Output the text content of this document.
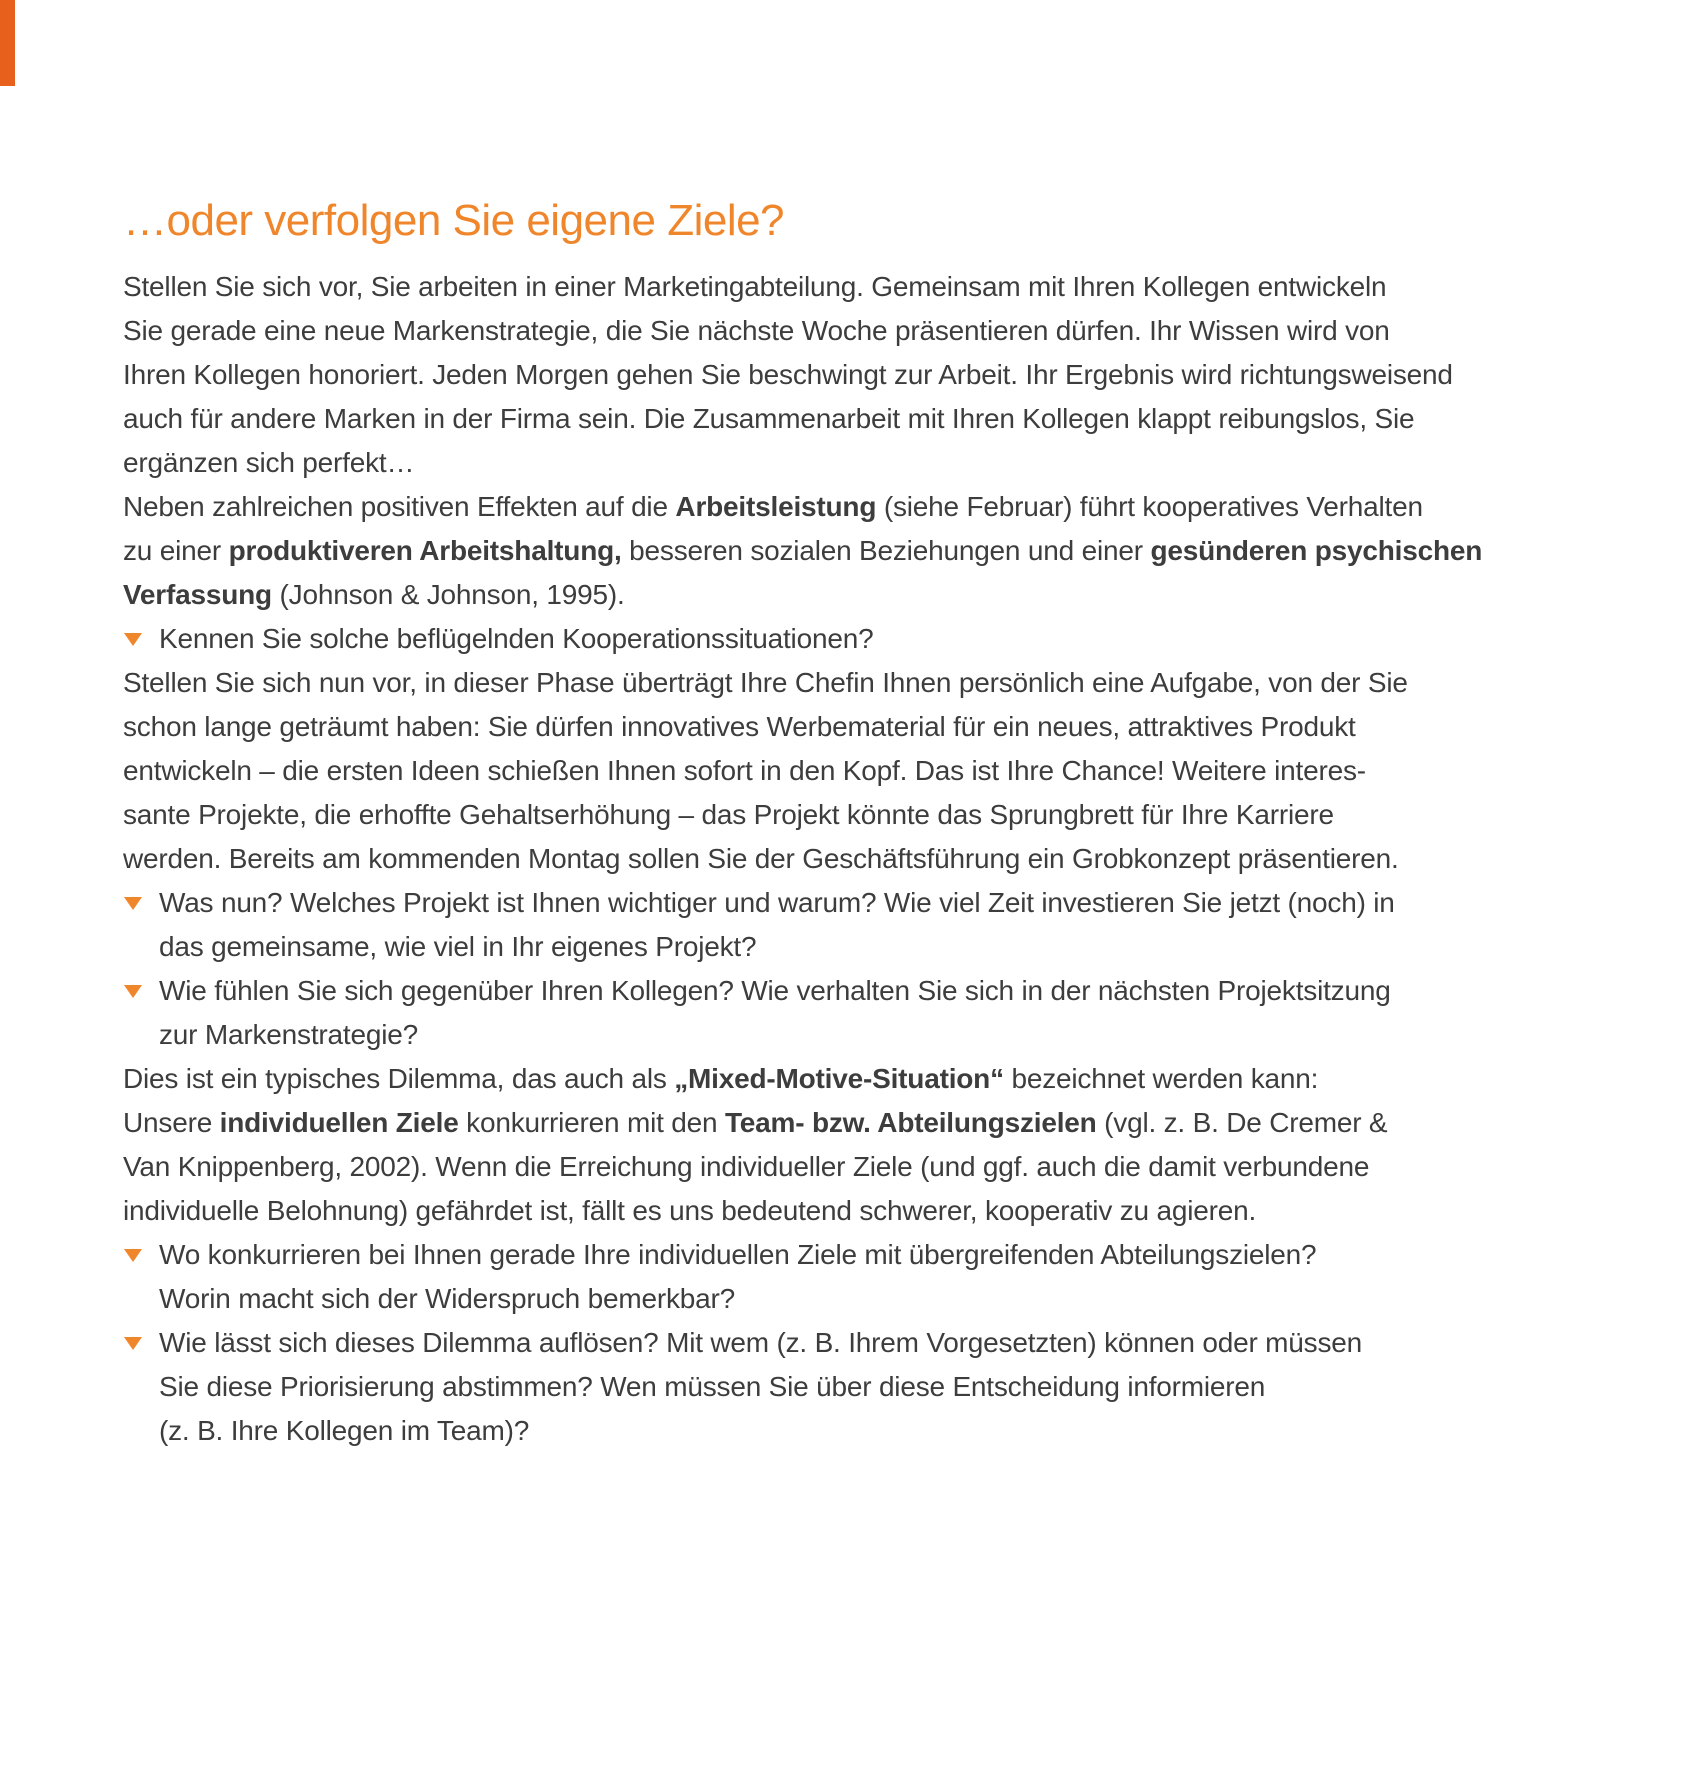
…oder verfolgen Sie eigene Ziele?

Stellen Sie sich vor, Sie arbeiten in einer Marketingabteilung. Gemeinsam mit Ihren Kollegen entwickeln
Sie gerade eine neue Markenstrategie, die Sie nächste Woche präsentieren dürfen. Ihr Wissen wird von
Ihren Kollegen honoriert. Jeden Morgen gehen Sie beschwingt zur Arbeit. Ihr Ergebnis wird richtungsweisend
auch für andere Marken in der Firma sein. Die Zusammenarbeit mit Ihren Kollegen klappt reibungslos, Sie
ergänzen sich perfekt…

Neben zahlreichen positiven Effekten auf die Arbeitsleistung (siehe Februar) führt kooperatives Verhalten
zu einer produktiveren Arbeitshaltung, besseren sozialen Beziehungen und einer gesünderen psychischen
Verfassung (Johnson & Johnson, 1995).

Kennen Sie solche beflügelnden Kooperationssituationen?

Stellen Sie sich nun vor, in dieser Phase überträgt Ihre Chefin Ihnen persönlich eine Aufgabe, von der Sie
schon lange geträumt haben: Sie dürfen innovatives Werbematerial für ein neues, attraktives Produkt
entwickeln – die ersten Ideen schießen Ihnen sofort in den Kopf. Das ist Ihre Chance! Weitere interes-
sante Projekte, die erhoffte Gehaltserhöhung – das Projekt könnte das Sprungbrett für Ihre Karriere
werden. Bereits am kommenden Montag sollen Sie der Geschäftsführung ein Grobkonzept präsentieren.

Was nun? Welches Projekt ist Ihnen wichtiger und warum? Wie viel Zeit investieren Sie jetzt (noch) in
das gemeinsame, wie viel in Ihr eigenes Projekt?
Wie fühlen Sie sich gegenüber Ihren Kollegen? Wie verhalten Sie sich in der nächsten Projektsitzung
zur Markenstrategie?

Dies ist ein typisches Dilemma, das auch als „Mixed-Motive-Situation“ bezeichnet werden kann:
Unsere individuellen Ziele konkurrieren mit den Team- bzw. Abteilungszielen (vgl. z. B. De Cremer &
Van Knippenberg, 2002). Wenn die Erreichung individueller Ziele (und ggf. auch die damit verbundene
individuelle Belohnung) gefährdet ist, fällt es uns bedeutend schwerer, kooperativ zu agieren.

Wo konkurrieren bei Ihnen gerade Ihre individuellen Ziele mit übergreifenden Abteilungszielen?
Worin macht sich der Widerspruch bemerkbar?
Wie lässt sich dieses Dilemma auflösen? Mit wem (z. B. Ihrem Vorgesetzten) können oder müssen
Sie diese Priorisierung abstimmen? Wen müssen Sie über diese Entscheidung informieren
(z. B. Ihre Kollegen im Team)?
